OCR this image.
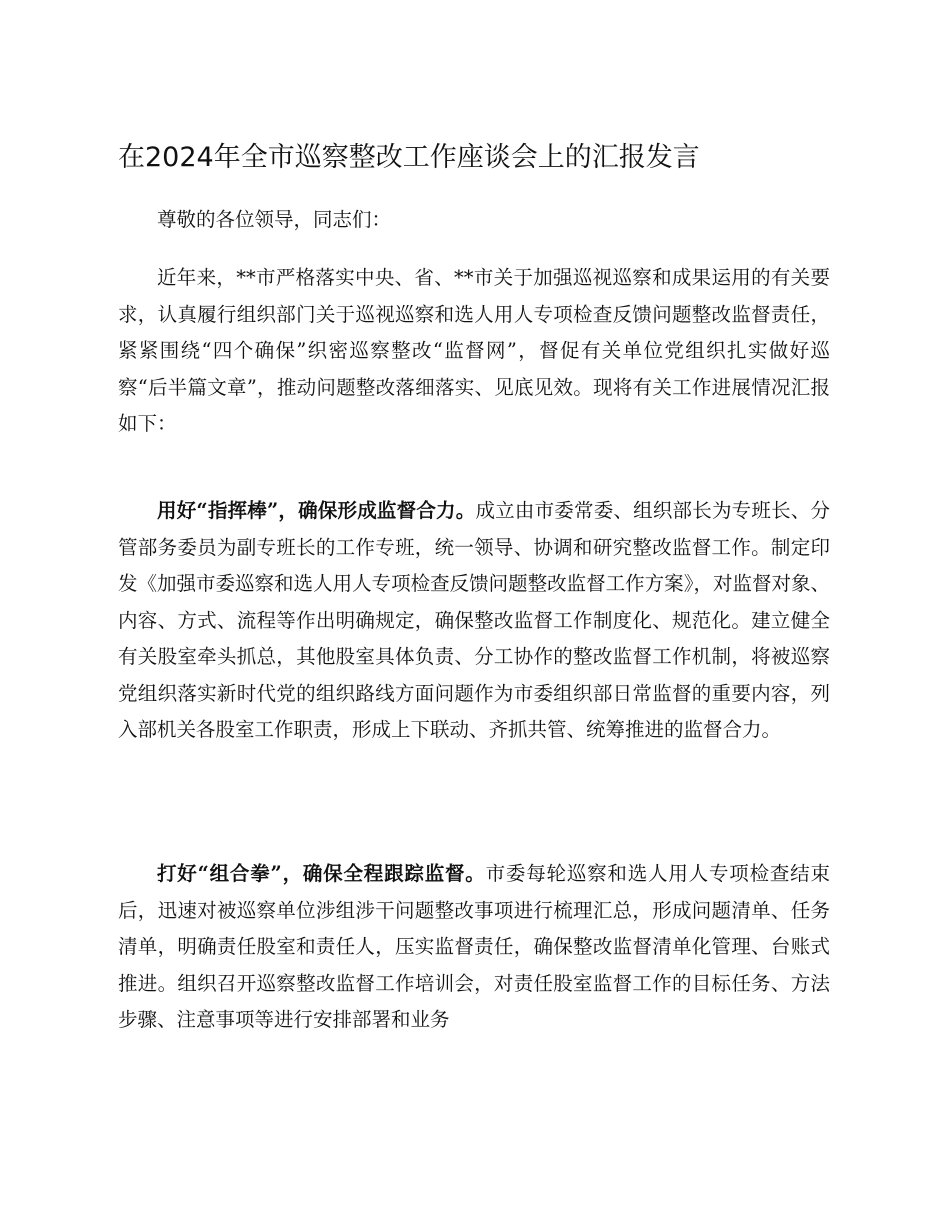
在2024年全市巡察整改工作座谈会上的汇报发言

尊敬的各位领导，同志们：

近年来，**市严格落实中央、省、**市关于加强巡视巡察和成果运用的有关要求，认真履行组织部门关于巡视巡察和选人用人专项检查反馈问题整改监督责任，紧紧围绕“四个确保”织密巡察整改“监督网”，督促有关单位党组织扎实做好巡察“后半篇文章”，推动问题整改落细落实、见底见效。现将有关工作进展情况汇报如下：

用好“指挥棒”，确保形成监督合力。成立由市委常委、组织部长为专班长、分管部务委员为副专班长的工作专班，统一领导、协调和研究整改监督工作。制定印发《加强市委巡察和选人用人专项检查反馈问题整改监督工作方案》，对监督对象、内容、方式、流程等作出明确规定，确保整改监督工作制度化、规范化。建立健全有关股室牵头抓总，其他股室具体负责、分工协作的整改监督工作机制，将被巡察党组织落实新时代党的组织路线方面问题作为市委组织部日常监督的重要内容，列入部机关各股室工作职责，形成上下联动、齐抓共管、统筹推进的监督合力。

打好“组合拳”，确保全程跟踪监督。市委每轮巡察和选人用人专项检查结束后，迅速对被巡察单位涉组涉干问题整改事项进行梳理汇总，形成问题清单、任务清单，明确责任股室和责任人，压实监督责任，确保整改监督清单化管理、台账式推进。组织召开巡察整改监督工作培训会，对责任股室监督工作的目标任务、方法步骤、注意事项等进行安排部署和业务
